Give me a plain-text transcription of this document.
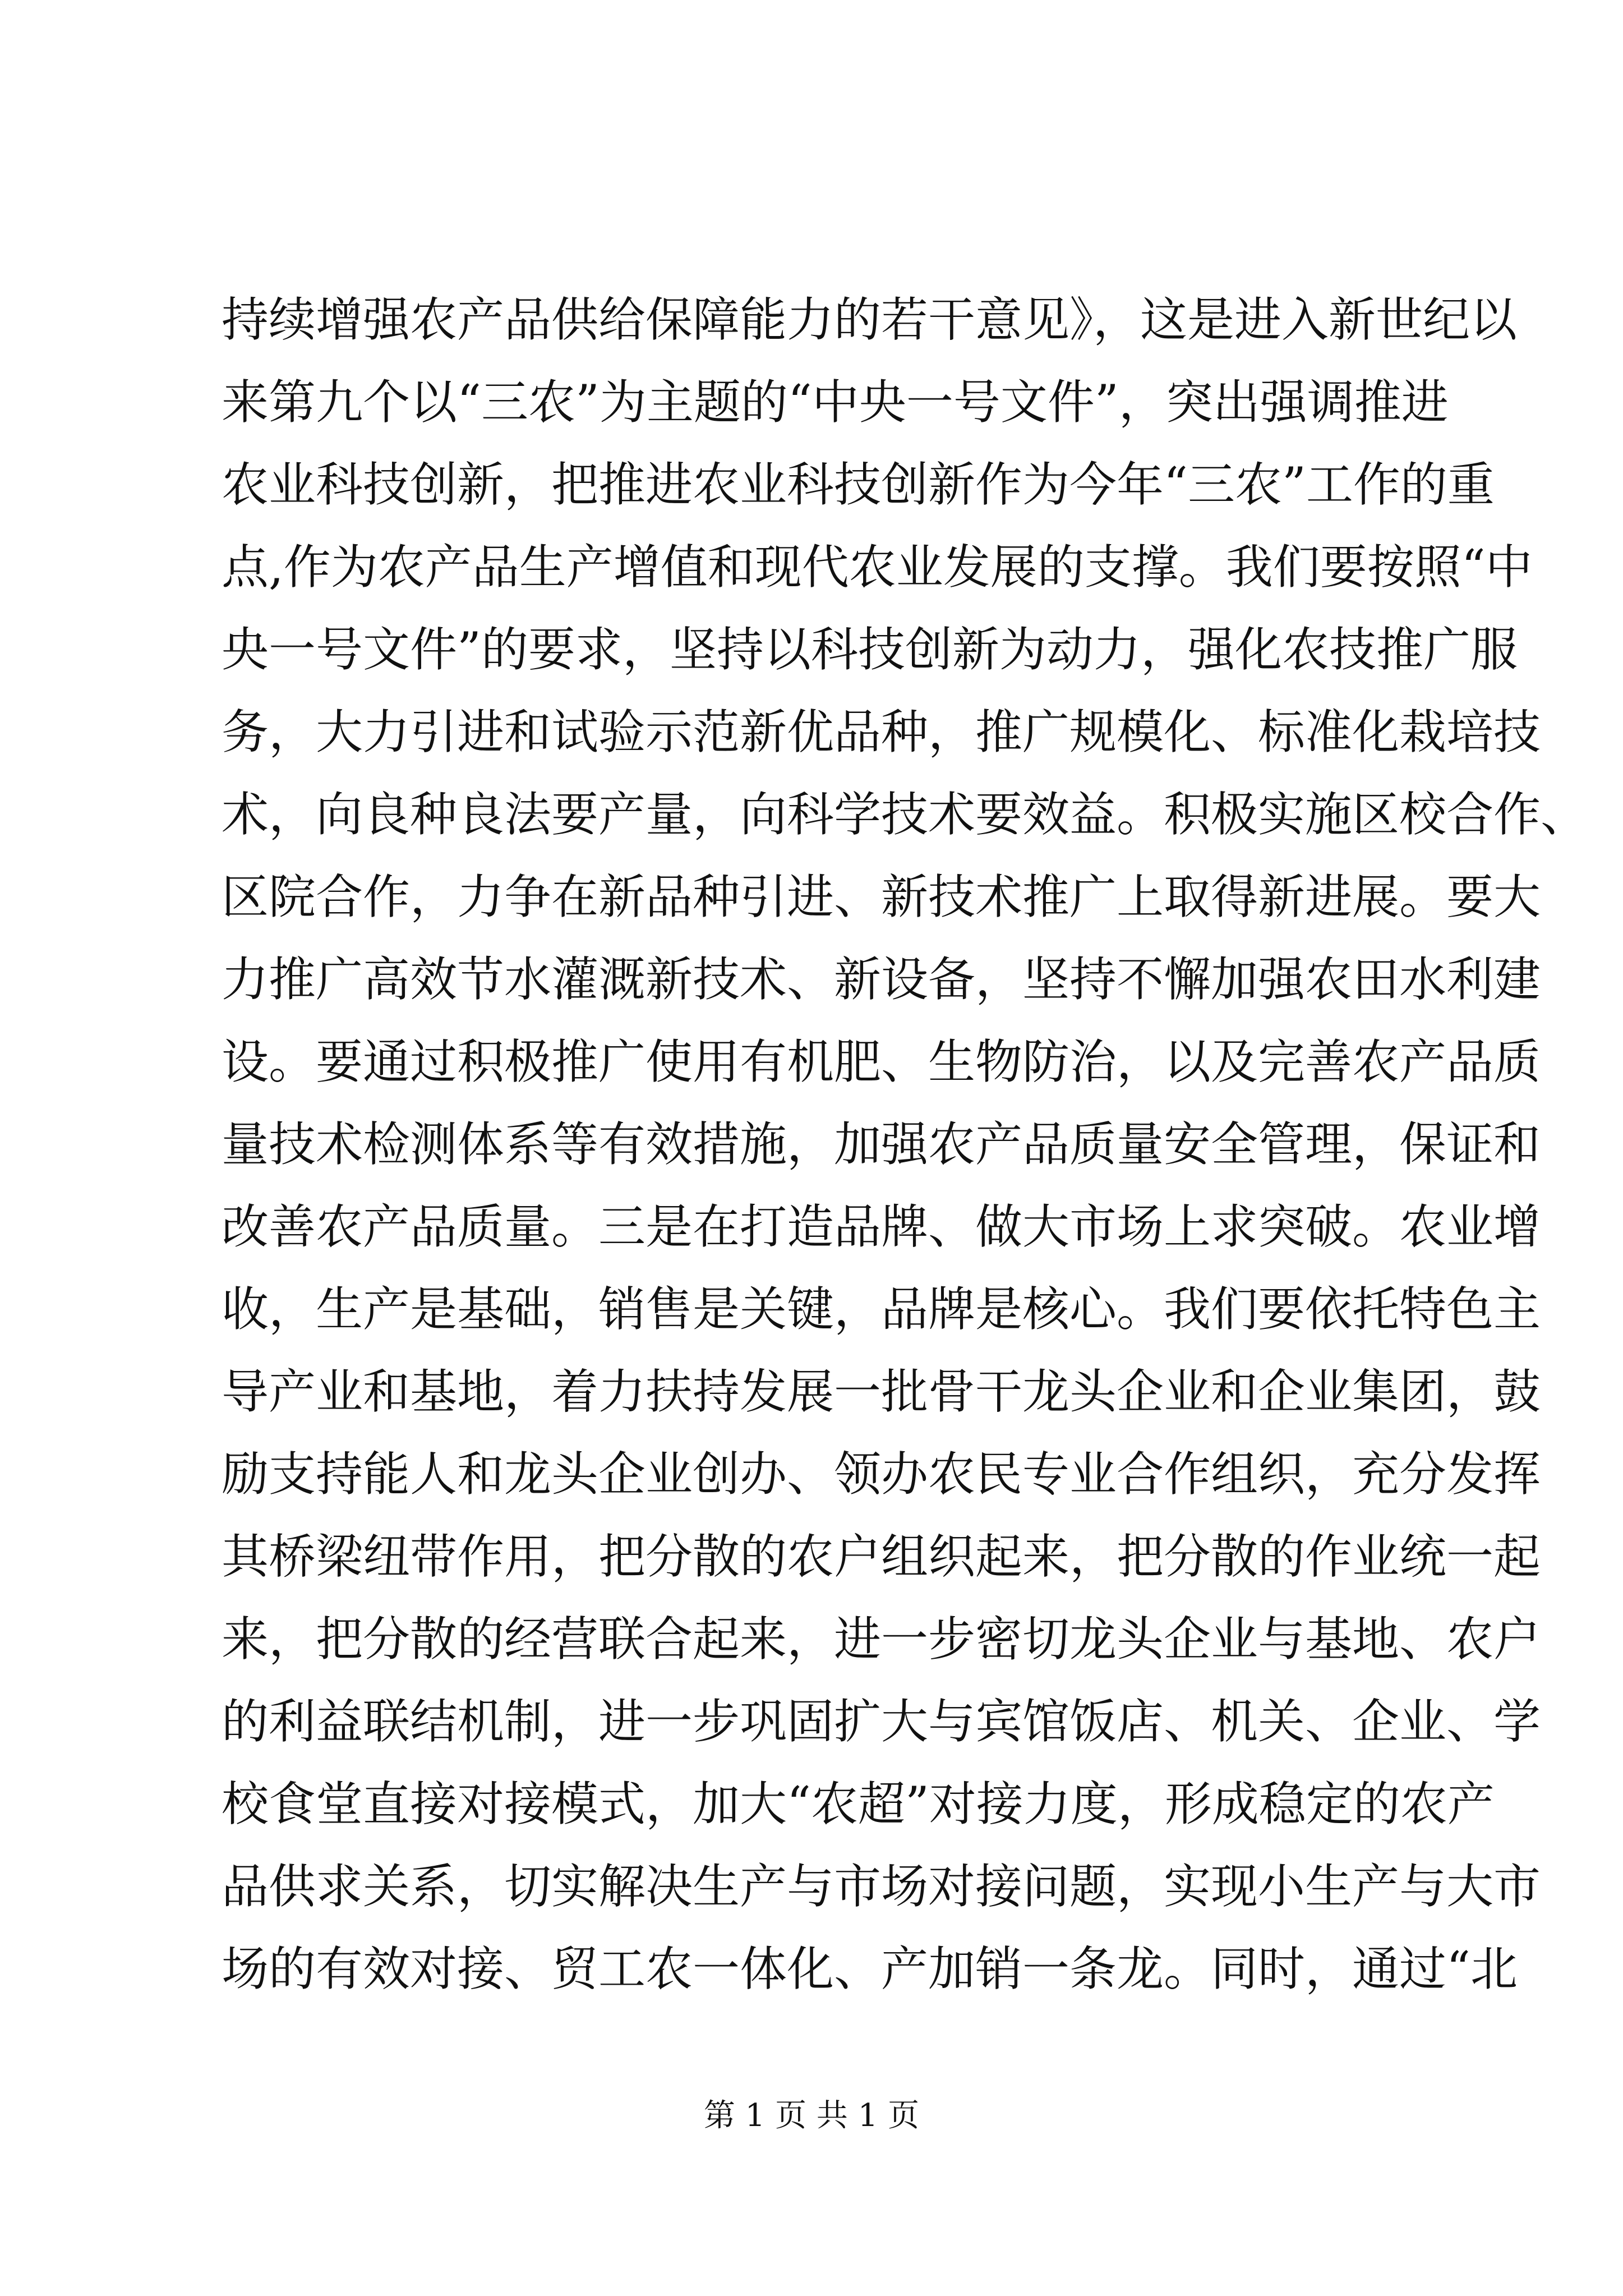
持续增强农产品供给保障能力的若干意见》，这是进入新世纪以
来第九个以“三农”为主题的“中央一号文件”，突出强调推进
农业科技创新，把推进农业科技创新作为今年“三农”工作的重
点,作为农产品生产增值和现代农业发展的支撑。我们要按照“中
央一号文件”的要求，坚持以科技创新为动力，强化农技推广服
务，大力引进和试验示范新优品种，推广规模化、标准化栽培技
术，向良种良法要产量，向科学技术要效益。积极实施区校合作、
区院合作，力争在新品种引进、新技术推广上取得新进展。要大
力推广高效节水灌溉新技术、新设备，坚持不懈加强农田水利建
设。要通过积极推广使用有机肥、生物防治，以及完善农产品质
量技术检测体系等有效措施，加强农产品质量安全管理，保证和
改善农产品质量。三是在打造品牌、做大市场上求突破。农业增
收，生产是基础，销售是关键，品牌是核心。我们要依托特色主
导产业和基地，着力扶持发展一批骨干龙头企业和企业集团，鼓
励支持能人和龙头企业创办、领办农民专业合作组织，充分发挥
其桥梁纽带作用，把分散的农户组织起来，把分散的作业统一起
来，把分散的经营联合起来，进一步密切龙头企业与基地、农户
的利益联结机制，进一步巩固扩大与宾馆饭店、机关、企业、学
校食堂直接对接模式，加大“农超”对接力度，形成稳定的农产
品供求关系，切实解决生产与市场对接问题，实现小生产与大市
场的有效对接、贸工农一体化、产加销一条龙。同时，通过“北
第 1 页 共 1 页
